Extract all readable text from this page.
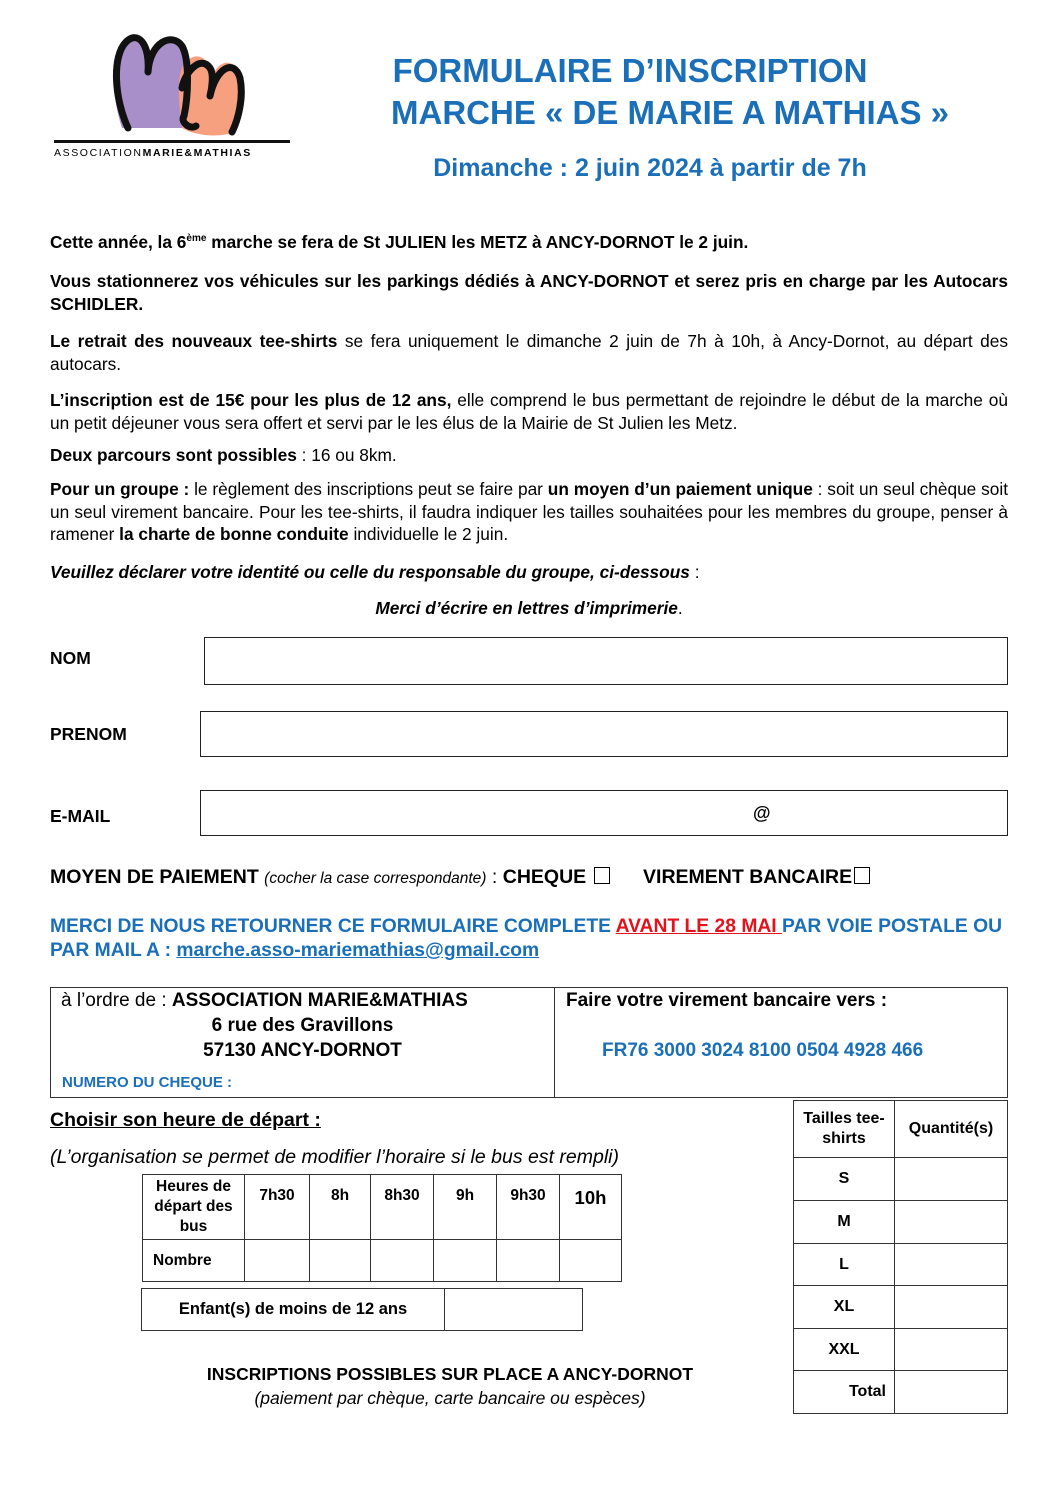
ASSOCIATIONMARIE&MATHIAS
FORMULAIRE D’INSCRIPTION
MARCHE « DE MARIE A MATHIAS »
Dimanche : 2 juin 2024 à partir de 7h
Cette année, la 6ème marche se fera de St JULIEN les METZ à ANCY-DORNOT le 2 juin.
Vous stationnerez vos véhicules sur les parkings dédiés à ANCY-DORNOT et serez pris en charge par les Autocars SCHIDLER.
Le retrait des nouveaux tee-shirts se fera uniquement le dimanche 2 juin de 7h à 10h, à Ancy-Dornot, au départ des autocars.
L’inscription est de 15€ pour les plus de 12 ans, elle comprend le bus permettant de rejoindre le début de la marche où un petit déjeuner vous sera offert et servi par le les élus de la Mairie de St Julien les Metz.
Deux parcours sont possibles : 16 ou 8km.
Pour un groupe : le règlement des inscriptions peut se faire par un moyen d’un paiement unique : soit un seul chèque soit un seul virement bancaire. Pour les tee-shirts, il faudra indiquer les tailles souhaitées pour les membres du groupe, penser à ramener la charte de bonne conduite individuelle le 2 juin.
Veuillez déclarer votre identité ou celle du responsable du groupe, ci-dessous :
Merci d’écrire en lettres d’imprimerie.
NOM
PRENOM
E-MAIL	@
MOYEN DE PAIEMENT (cocher la case correspondante) : CHEQUE	VIREMENT BANCAIRE
MERCI DE NOUS RETOURNER CE FORMULAIRE COMPLETE AVANT LE 28 MAI PAR VOIE POSTALE OU PAR MAIL A : marche.asso-mariemathias@gmail.com
à l’ordre de : ASSOCIATION MARIE&MATHIAS
6 rue des Gravillons
57130 ANCY-DORNOT
NUMERO DU CHEQUE :
Faire votre virement bancaire vers :
FR76 3000 3024 8100 0504 4928 466
Choisir son heure de départ :
(L’organisation se permet de modifier l’horaire si le bus est rempli)
Heures de départ des bus	7h30	8h	8h30	9h	9h30	10h
Nombre						
Enfant(s) de moins de 12 ans	
Tailles tee-shirts	Quantité(s)
S	
M	
L	
XL	
XXL	
Total	
INSCRIPTIONS POSSIBLES SUR PLACE A ANCY-DORNOT
(paiement par chèque, carte bancaire ou espèces)
